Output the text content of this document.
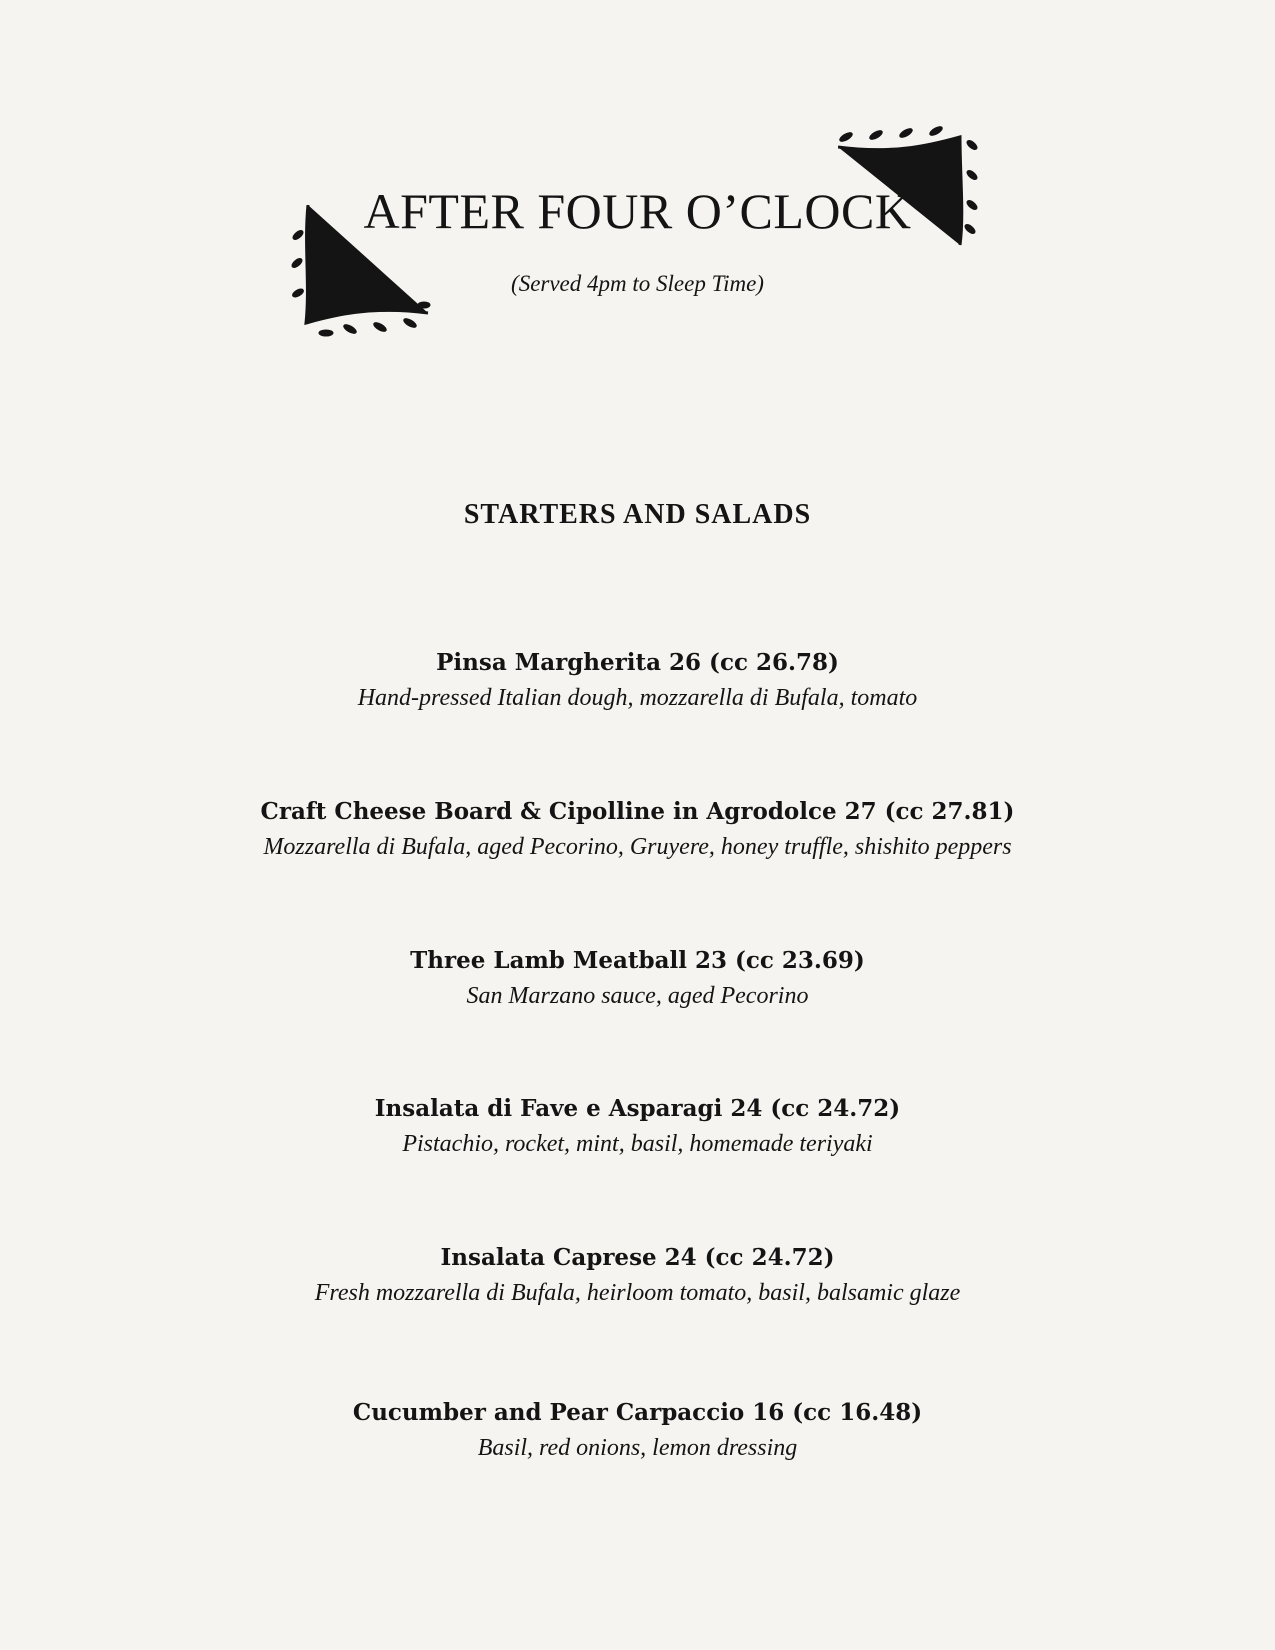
AFTER FOUR O’CLOCK

(Served 4pm to Sleep Time)

STARTERS AND SALADS
Pinsa Margherita 26 (cc 26.78)
Hand-pressed Italian dough, mozzarella di Bufala, tomato
Craft Cheese Board & Cipolline in Agrodolce 27 (cc 27.81)
Mozzarella di Bufala, aged Pecorino, Gruyere, honey truffle, shishito peppers
Three Lamb Meatball 23 (cc 23.69)
San Marzano sauce, aged Pecorino
Insalata di Fave e Asparagi 24 (cc 24.72)
Pistachio, rocket, mint, basil, homemade teriyaki
Insalata Caprese 24 (cc 24.72)
Fresh mozzarella di Bufala, heirloom tomato, basil, balsamic glaze
Cucumber and Pear Carpaccio 16 (cc 16.48)
Basil, red onions, lemon dressing
